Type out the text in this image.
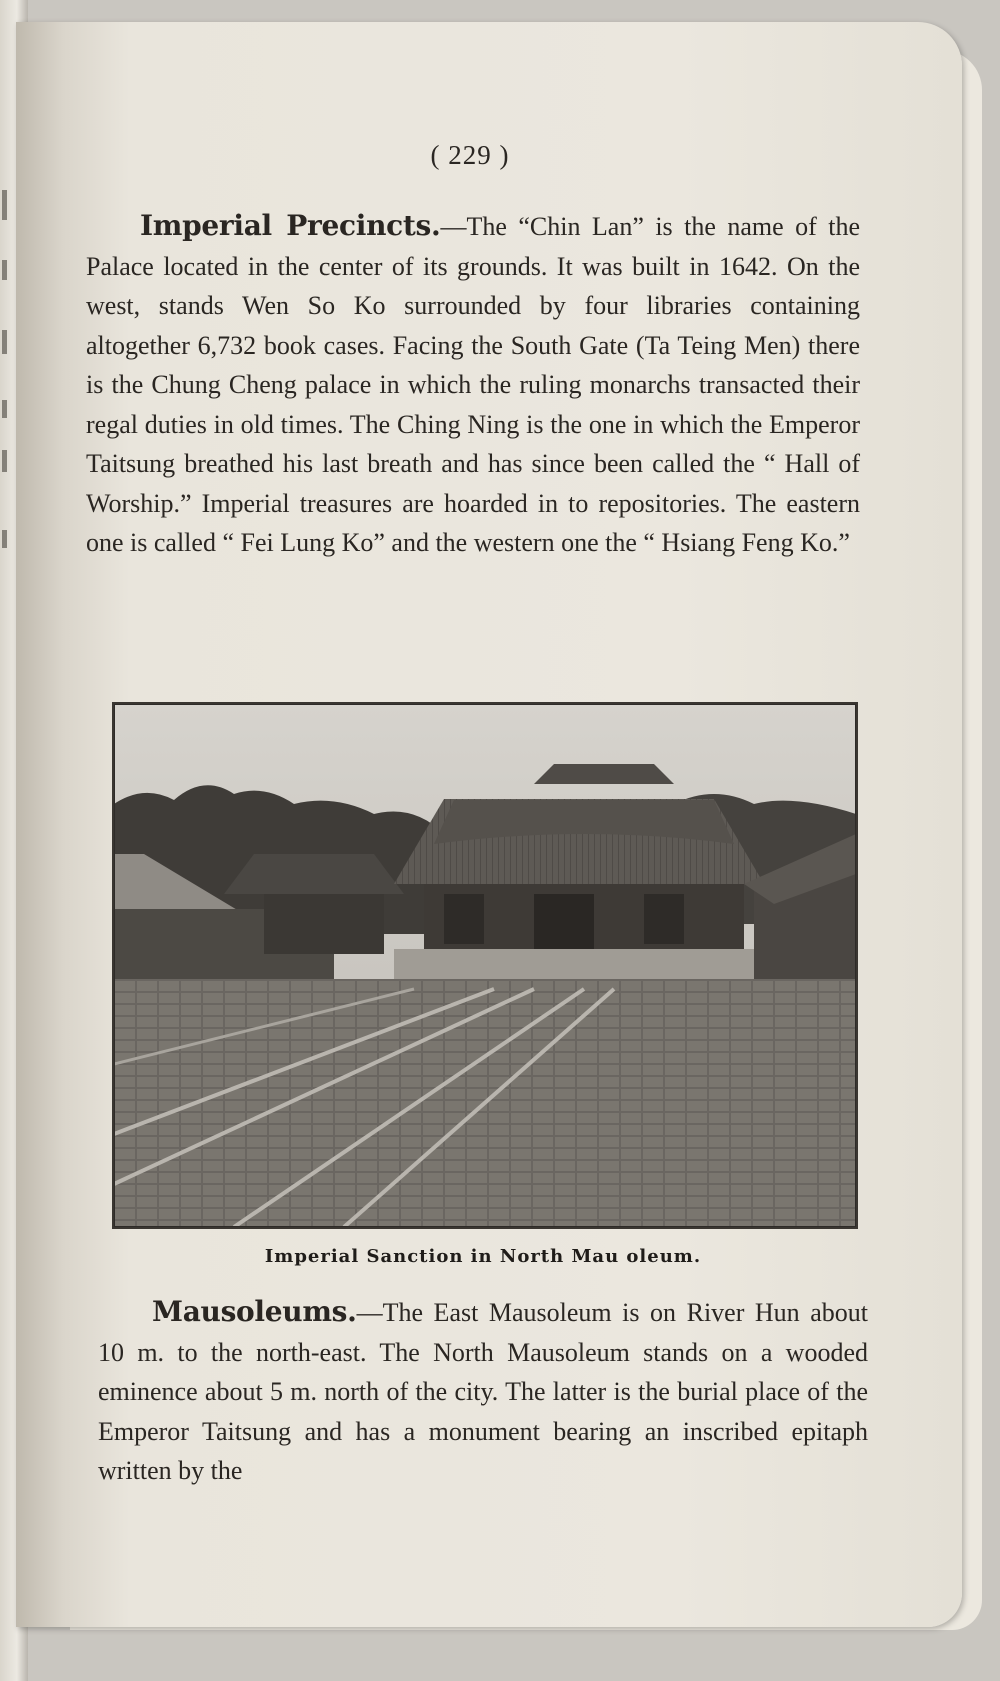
( 229 )

Imperial Precincts.—The “Chin Lan” is the name of the Palace located in the center of its grounds. It was built in 1642. On the west, stands Wen So Ko surrounded by four libraries containing altogether 6,732 book cases. Facing the South Gate (Ta Teing Men) there is the Chung Cheng palace in which the ruling monarchs transacted their regal duties in old times. The Ching Ning is the one in which the Emperor Taitsung breathed his last breath and has since been called the “ Hall of Worship.” Imperial treasures are hoarded in to repositories. The eastern one is called “ Fei Lung Ko” and the western one the “ Hsiang Feng Ko.”

Imperial Sanction in North Mau oleum.

Mausoleums.—The East Mausoleum is on River Hun about 10 m. to the north-east. The North Mausoleum stands on a wooded eminence about 5 m. north of the city. The latter is the burial place of the Emperor Taitsung and has a monument bearing an inscribed epitaph written by the
